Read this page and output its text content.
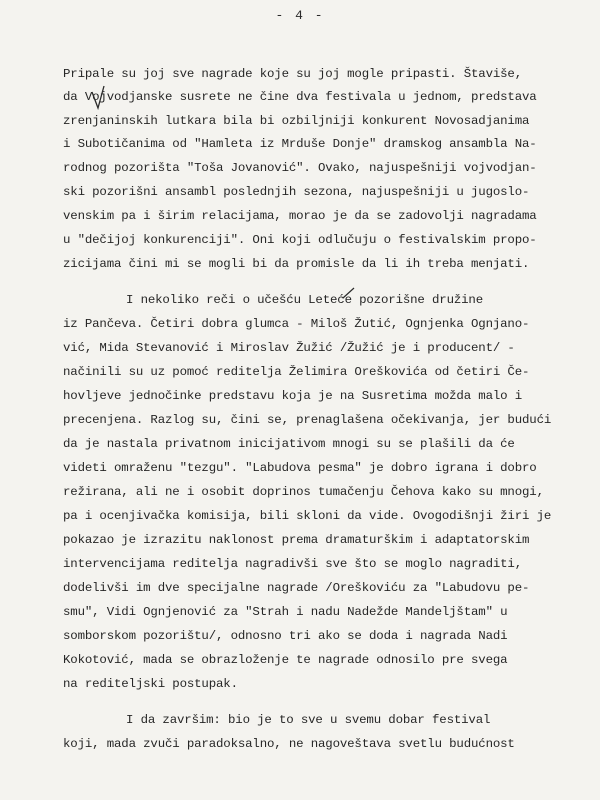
- 4 -
Pripale su joj sve nagrade koje su joj mogle pripasti. Štaviše,
da Vojvodjanske susrete ne čine dva festivala u jednom, predstava
zrenjaninskih lutkara bila bi ozbiljniji konkurent Novosadjanima
i Subotičanima od "Hamleta iz Mrduše Donje" dramskog ansambla Na-
rodnog pozorišta "Toša Jovanović". Ovako, najuspešniji vojvodjan-
ski pozorišni ansambl poslednjih sezona, najuspešniji u jugoslo-
venskim pa i širim relacijama, morao je da se zadovolji nagradama
u "dečijoj konkurenciji". Oni koji odlučuju o festivalskim propo-
zicijama čini mi se mogli bi da promisle da li ih treba menjati.
I nekoliko reči o učešću Leteće pozorišne družine
iz Pančeva. Četiri dobra glumca - Miloš Žutić, Ognjenka Ognjano-
vić, Mida Stevanović i Miroslav Žužić /Žužić je i producent/ -
načinili su uz pomoć reditelja Želimira Oreškovića od četiri Če-
hovljeve jednočinke predstavu koja je na Susretima možda malo i
precenjena. Razlog su, čini se, prenaglašena očekivanja, jer budući
da je nastala privatnom inicijativom mnogi su se plašili da će
videti omraženu "tezgu". "Labudova pesma" je dobro igrana i dobro
režirana, ali ne i osobit doprinos tumačenju Čehova kako su mnogi,
pa i ocenjivačka komisija, bili skloni da vide. Ovogodišnji žiri je
pokazao je izrazitu naklonost prema dramaturškim i adaptatorskim
intervencijama reditelja nagradivši sve što se moglo nagraditi,
dodelivši im dve specijalne nagrade /Oreškoviću za "Labudovu pe-
smu", Vidi Ognjenović za "Strah i nadu Nadežde Mandeljštam" u
somborskom pozorištu/, odnosno tri ako se doda i nagrada Nadi
Kokotović, mada se obrazloženje te nagrade odnosilo pre svega
na rediteljski postupak.
I da završim: bio je to sve u svemu dobar festival
koji, mada zvuči paradoksalno, ne nagoveštava svetlu budućnost
